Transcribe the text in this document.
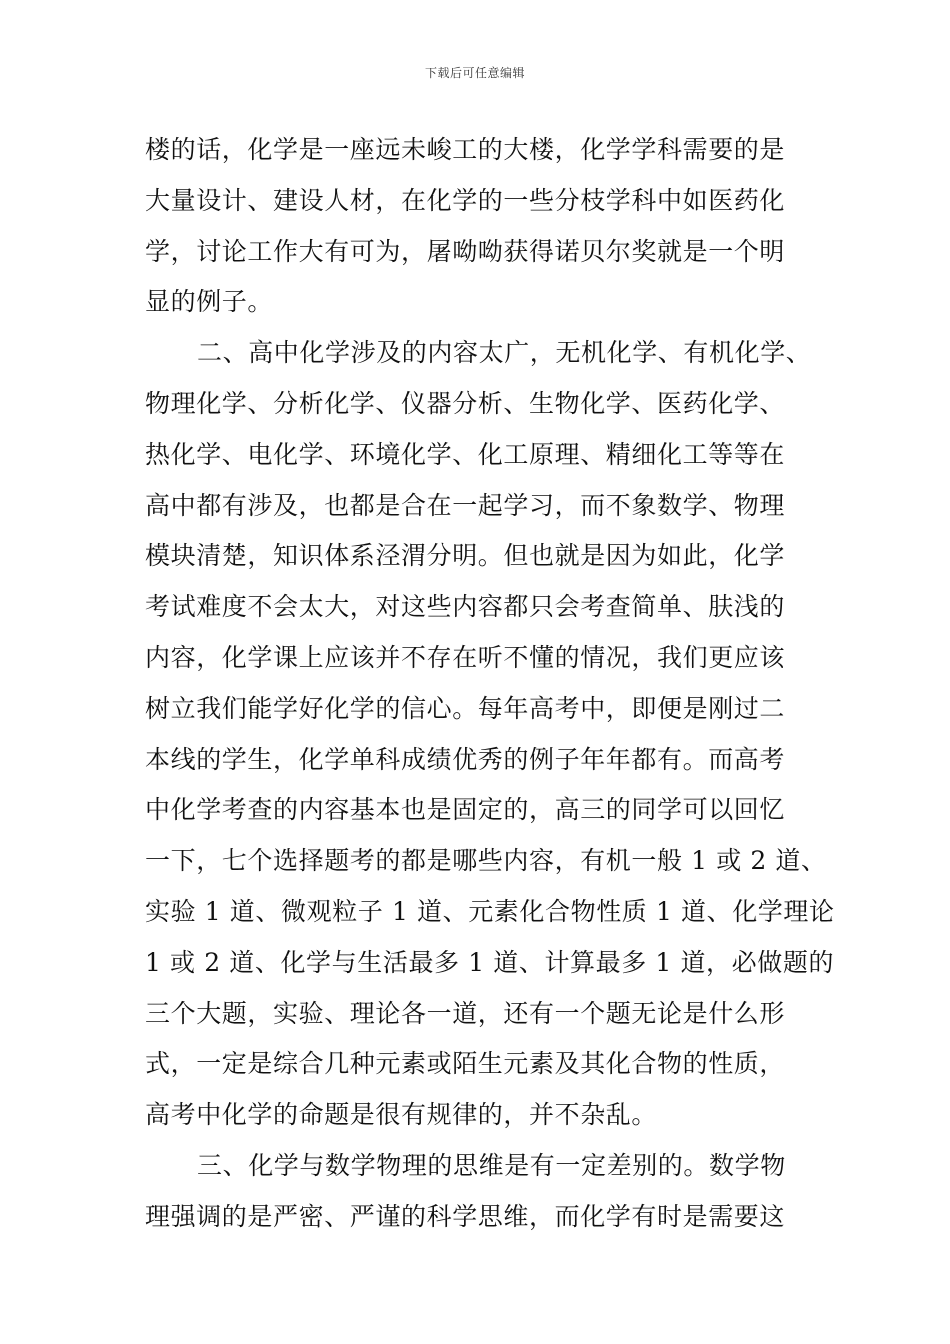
下载后可任意编辑
楼的话，化学是一座远未峻工的大楼，化学学科需要的是
大量设计、建设人材，在化学的一些分枝学科中如医药化
学，讨论工作大有可为，屠呦呦获得诺贝尔奖就是一个明
显的例子。
二、高中化学涉及的内容太广，无机化学、有机化学、
物理化学、分析化学、仪器分析、生物化学、医药化学、
热化学、电化学、环境化学、化工原理、精细化工等等在
高中都有涉及，也都是合在一起学习，而不象数学、物理
模块清楚，知识体系泾渭分明。但也就是因为如此，化学
考试难度不会太大，对这些内容都只会考查简单、肤浅的
内容，化学课上应该并不存在听不懂的情况，我们更应该
树立我们能学好化学的信心。每年高考中，即便是刚过二
本线的学生，化学单科成绩优秀的例子年年都有。而高考
中化学考查的内容基本也是固定的，高三的同学可以回忆
一下，七个选择题考的都是哪些内容，有机一般 1 或 2 道、
实验 1 道、微观粒子 1 道、元素化合物性质 1 道、化学理论
1 或 2 道、化学与生活最多 1 道、计算最多 1 道，必做题的
三个大题，实验、理论各一道，还有一个题无论是什么形
式，一定是综合几种元素或陌生元素及其化合物的性质，
高考中化学的命题是很有规律的，并不杂乱。
三、化学与数学物理的思维是有一定差别的。数学物
理强调的是严密、严谨的科学思维，而化学有时是需要这
